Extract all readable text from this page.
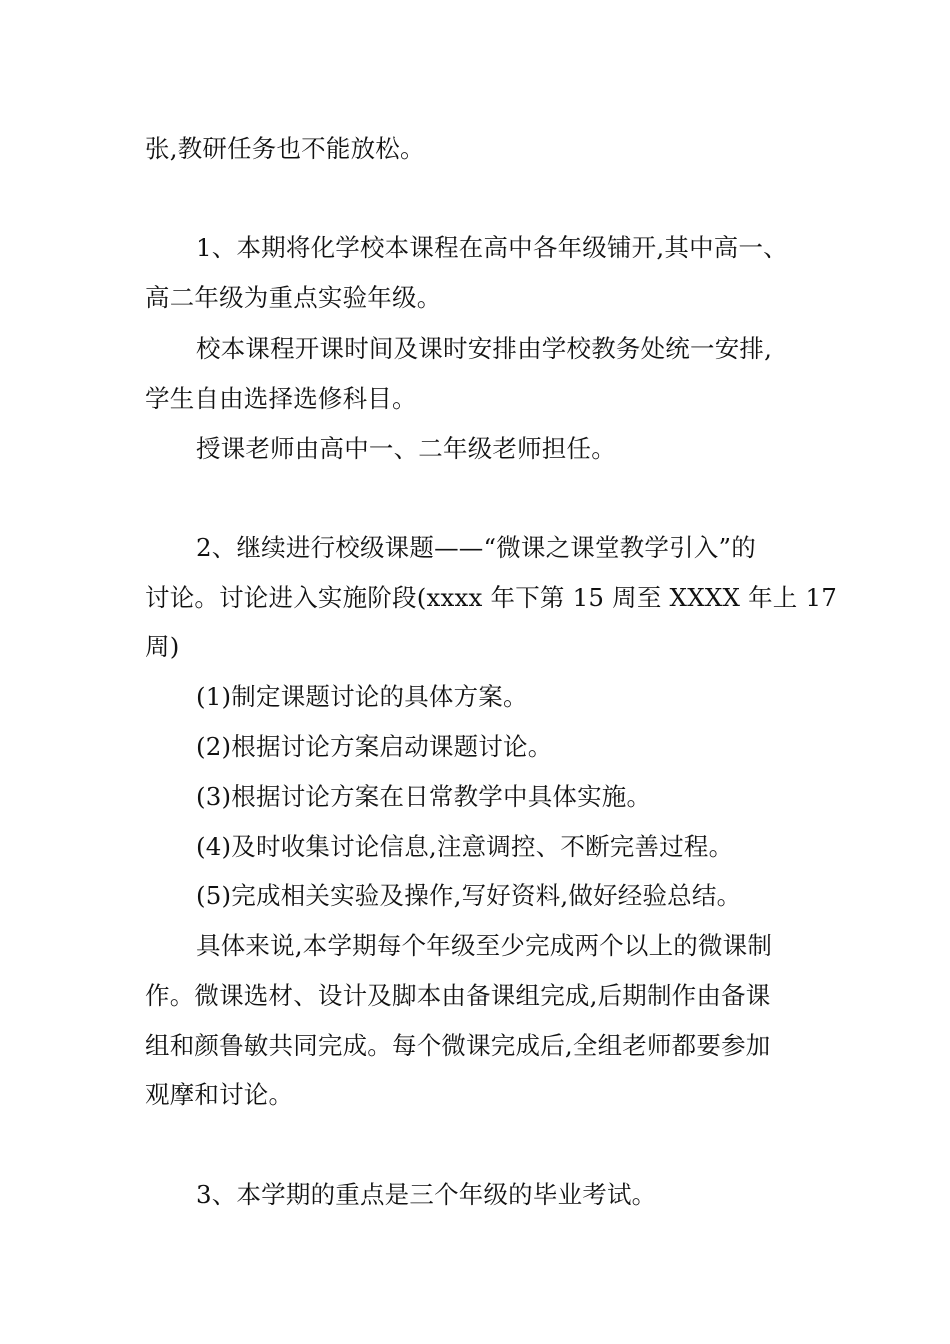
张,教研任务也不能放松。
1、本期将化学校本课程在高中各年级铺开,其中高一、
高二年级为重点实验年级。
校本课程开课时间及课时安排由学校教务处统一安排,
学生自由选择选修科目。
授课老师由高中一、二年级老师担任。
2、继续进行校级课题——“微课之课堂教学引入”的
讨论。讨论进入实施阶段(xxxx 年下第 15 周至 XXXX 年上 17
周)
(1)制定课题讨论的具体方案。
(2)根据讨论方案启动课题讨论。
(3)根据讨论方案在日常教学中具体实施。
(4)及时收集讨论信息,注意调控、不断完善过程。
(5)完成相关实验及操作,写好资料,做好经验总结。
具体来说,本学期每个年级至少完成两个以上的微课制
作。微课选材、设计及脚本由备课组完成,后期制作由备课
组和颜鲁敏共同完成。每个微课完成后,全组老师都要参加
观摩和讨论。
3、本学期的重点是三个年级的毕业考试。
